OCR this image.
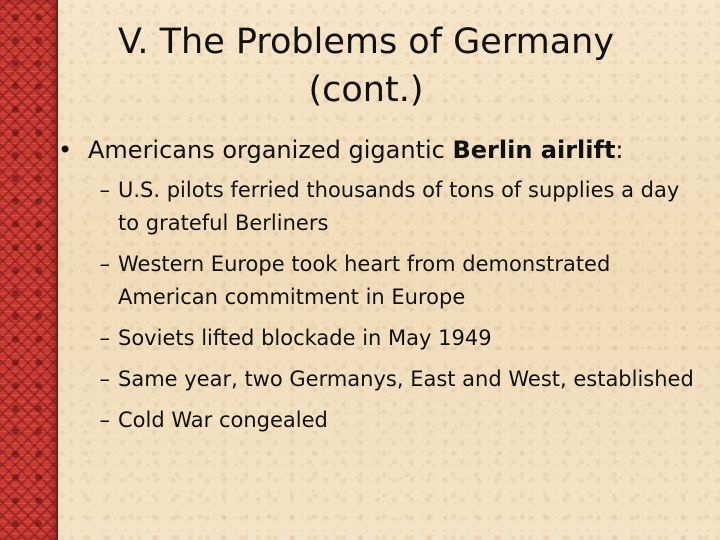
V. The Problems of Germany
(cont.)
• Americans organized gigantic Berlin airlift:
– U.S. pilots ferried thousands of tons of supplies a day to grateful Berliners
– Western Europe took heart from demonstrated American commitment in Europe
– Soviets lifted blockade in May 1949
– Same year, two Germanys, East and West, established
– Cold War congealed
